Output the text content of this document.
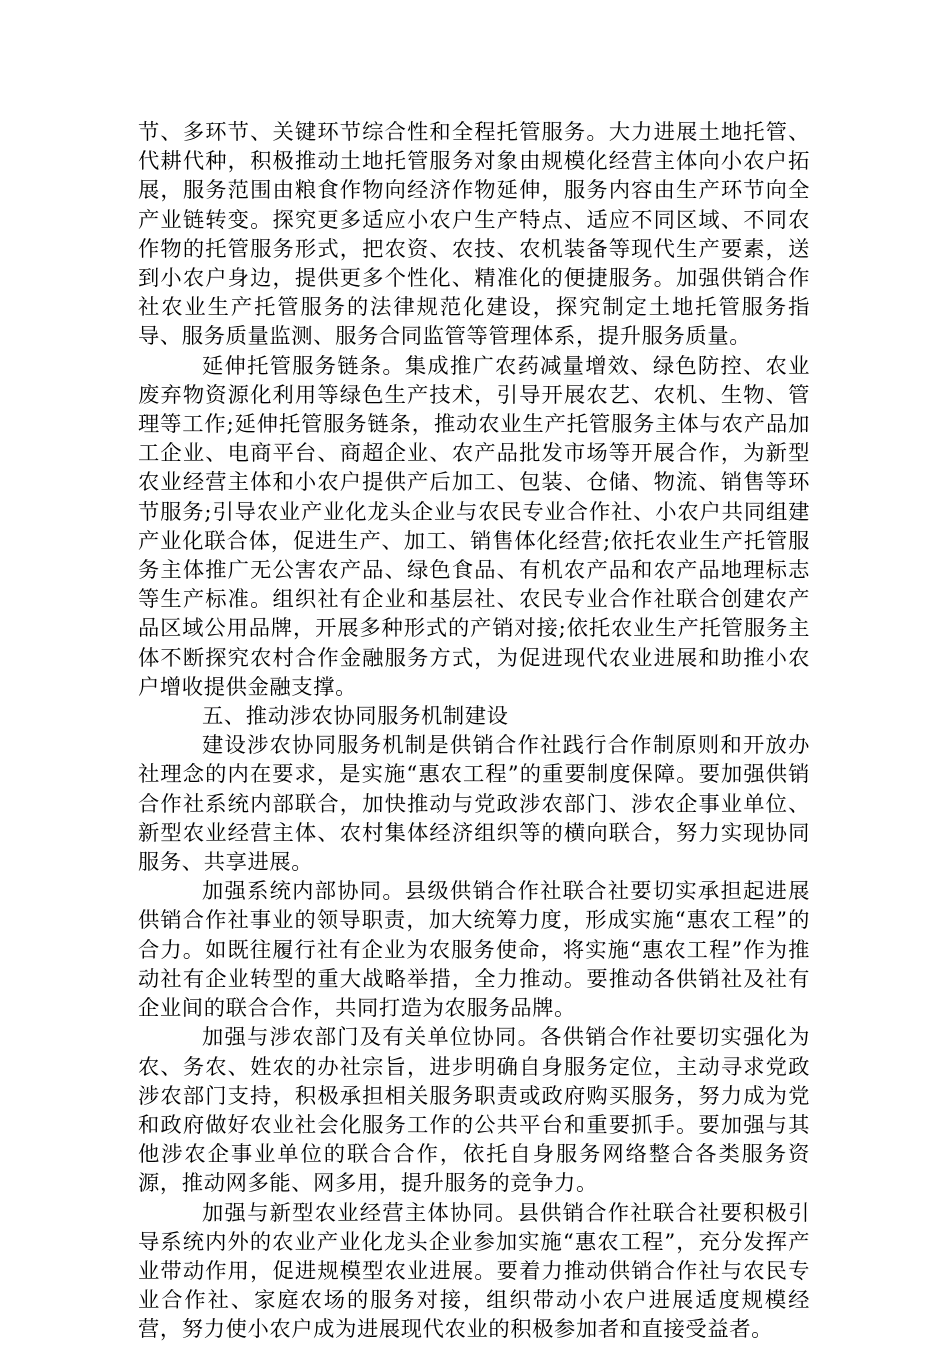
节、多环节、关键环节综合性和全程托管服务。大力进展土地托管、代耕代种，积极推动土地托管服务对象由规模化经营主体向小农户拓展，服务范围由粮食作物向经济作物延伸，服务内容由生产环节向全产业链转变。探究更多适应小农户生产特点、适应不同区域、不同农作物的托管服务形式，把农资、农技、农机装备等现代生产要素，送到小农户身边，提供更多个性化、精准化的便捷服务。加强供销合作社农业生产托管服务的法律规范化建设，探究制定土地托管服务指导、服务质量监测、服务合同监管等管理体系，提升服务质量。

延伸托管服务链条。集成推广农药减量增效、绿色防控、农业废弃物资源化利用等绿色生产技术，引导开展农艺、农机、生物、管理等工作;延伸托管服务链条，推动农业生产托管服务主体与农产品加工企业、电商平台、商超企业、农产品批发市场等开展合作，为新型农业经营主体和小农户提供产后加工、包装、仓储、物流、销售等环节服务;引导农业产业化龙头企业与农民专业合作社、小农户共同组建产业化联合体，促进生产、加工、销售体化经营;依托农业生产托管服务主体推广无公害农产品、绿色食品、有机农产品和农产品地理标志等生产标准。组织社有企业和基层社、农民专业合作社联合创建农产品区域公用品牌，开展多种形式的产销对接;依托农业生产托管服务主体不断探究农村合作金融服务方式，为促进现代农业进展和助推小农户增收提供金融支撑。

五、推动涉农协同服务机制建设

建设涉农协同服务机制是供销合作社践行合作制原则和开放办社理念的内在要求，是实施“惠农工程”的重要制度保障。要加强供销合作社系统内部联合，加快推动与党政涉农部门、涉农企事业单位、新型农业经营主体、农村集体经济组织等的横向联合，努力实现协同服务、共享进展。

加强系统内部协同。县级供销合作社联合社要切实承担起进展供销合作社事业的领导职责，加大统筹力度，形成实施“惠农工程”的合力。如既往履行社有企业为农服务使命，将实施“惠农工程”作为推动社有企业转型的重大战略举措，全力推动。要推动各供销社及社有企业间的联合合作，共同打造为农服务品牌。

加强与涉农部门及有关单位协同。各供销合作社要切实强化为农、务农、姓农的办社宗旨，进步明确自身服务定位，主动寻求党政涉农部门支持，积极承担相关服务职责或政府购买服务，努力成为党和政府做好农业社会化服务工作的公共平台和重要抓手。要加强与其他涉农企事业单位的联合合作，依托自身服务网络整合各类服务资源，推动网多能、网多用，提升服务的竞争力。

加强与新型农业经营主体协同。县供销合作社联合社要积极引导系统内外的农业产业化龙头企业参加实施“惠农工程”，充分发挥产业带动作用，促进规模型农业进展。要着力推动供销合作社与农民专业合作社、家庭农场的服务对接，组织带动小农户进展适度规模经营，努力使小农户成为进展现代农业的积极参加者和直接受益者。
